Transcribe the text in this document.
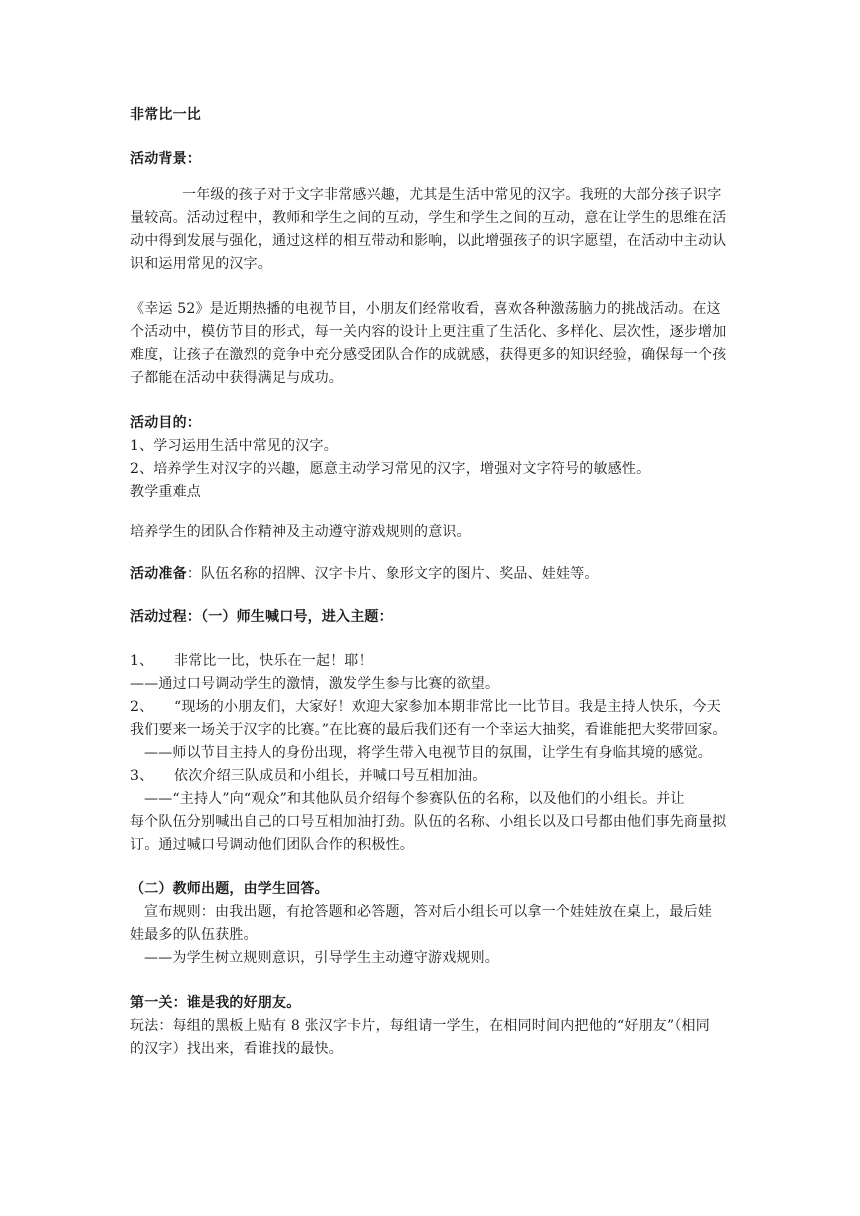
非常比一比
活动背景：
一年级的孩子对于文字非常感兴趣，尤其是生活中常见的汉字。我班的大部分孩子识字
量较高。活动过程中，教师和学生之间的互动，学生和学生之间的互动，意在让学生的思维在活
动中得到发展与强化，通过这样的相互带动和影响，以此增强孩子的识字愿望，在活动中主动认
识和运用常见的汉字。
《幸运 52》是近期热播的电视节目，小朋友们经常收看，喜欢各种激荡脑力的挑战活动。在这
个活动中，模仿节目的形式，每一关内容的设计上更注重了生活化、多样化、层次性，逐步增加
难度，让孩子在激烈的竞争中充分感受团队合作的成就感，获得更多的知识经验，确保每一个孩
子都能在活动中获得满足与成功。
活动目的：
1、学习运用生活中常见的汉字。
2、培养学生对汉字的兴趣，愿意主动学习常见的汉字，增强对文字符号的敏感性。
教学重难点
培养学生的团队合作精神及主动遵守游戏规则的意识。
活动准备：队伍名称的招牌、汉字卡片、象形文字的图片、奖品、娃娃等。
活动过程：（一）师生喊口号，进入主题：
1、 非常比一比，快乐在一起！耶！
——通过口号调动学生的激情，激发学生参与比赛的欲望。
2、 “现场的小朋友们，大家好！欢迎大家参加本期非常比一比节目。我是主持人快乐，今天
我们要来一场关于汉字的比赛。”在比赛的最后我们还有一个幸运大抽奖，看谁能把大奖带回家。
——师以节目主持人的身份出现，将学生带入电视节目的氛围，让学生有身临其境的感觉。
3、 依次介绍三队成员和小组长，并喊口号互相加油。
——“主持人”向“观众”和其他队员介绍每个参赛队伍的名称，以及他们的小组长。并让
每个队伍分别喊出自己的口号互相加油打劲。队伍的名称、小组长以及口号都由他们事先商量拟
订。通过喊口号调动他们团队合作的积极性。
（二）教师出题，由学生回答。
宣布规则：由我出题，有抢答题和必答题，答对后小组长可以拿一个娃娃放在桌上，最后娃
娃最多的队伍获胜。
——为学生树立规则意识，引导学生主动遵守游戏规则。
第一关：谁是我的好朋友。
玩法：每组的黑板上贴有 8 张汉字卡片，每组请一学生，在相同时间内把他的“好朋友”（相同
的汉字）找出来，看谁找的最快。
